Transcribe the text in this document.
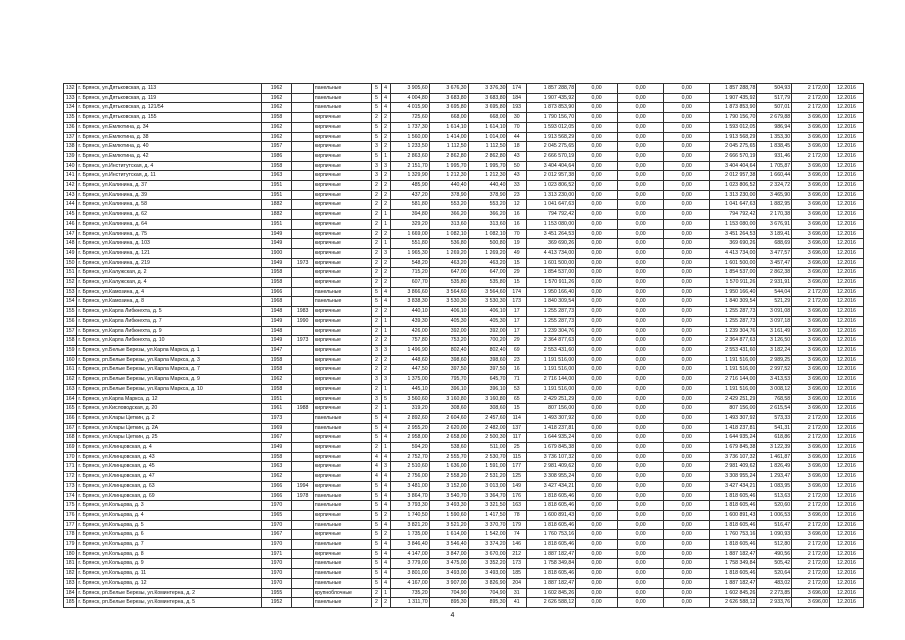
132	г. Брянск, ул.Дятьковская, д. 113	1962		панельные	5	4	3 905,60	3 676,30	3 376,30	174	1 857 288,78	0,00	0,00	0,00	1 857 288,78	504,93	2 172,00	12.2016
133	г. Брянск, ул.Дятьковская, д. 119	1962		панельные	5	4	4 004,80	3 683,80	3 683,80	184	1 907 435,92	0,00	0,00	0,00	1 907 435,92	517,79	2 172,00	12.2016
134	г. Брянск, ул.Дятьковская, д. 121/54	1962		панельные	5	4	4 015,90	3 695,80	3 695,80	193	1 873 853,90	0,00	0,00	0,00	1 873 853,90	507,01	2 172,00	12.2016
135	г. Брянск, ул.Дятьковская, д. 155	1958		кирпичные	2	2	725,60	668,00	668,00	30	1 790 156,70	0,00	0,00	0,00	1 790 156,70	2 679,88	3 696,00	12.2016
136	г. Брянск, ул.Емлютина, д. 34	1962		кирпичные	5	2	1 737,30	1 614,10	1 614,10	70	1 593 012,05	0,00	0,00	0,00	1 593 012,05	986,94	3 696,00	12.2016
137	г. Брянск, ул.Емлютина, д. 38	1962		кирпичные	5	2	1 560,00	1 414,00	1 014,00	44	1 913 568,29	0,00	0,00	0,00	1 913 568,29	1 353,30	3 696,00	12.2016
138	г. Брянск, ул.Емлютина, д. 40	1957		кирпичные	3	2	1 233,50	1 112,50	1 112,50	18	2 045 275,65	0,00	0,00	0,00	2 045 275,65	1 838,45	3 696,00	12.2016
139	г. Брянск, ул.Емлютина, д. 42	1986		кирпичные	5	1	2 863,60	2 862,80	2 862,80	43	2 666 570,19	0,00	0,00	0,00	2 666 570,19	931,46	2 172,00	12.2016
140	г. Брянск, ул.Институтская, д. 4	1958		кирпичные	3	3	2 151,70	1 995,70	1 995,70	50	3 404 404,64	0,00	0,00	0,00	3 404 404,64	1 705,87	3 696,00	12.2016
141	г. Брянск, ул.Институтская, д. 11	1963		кирпичные	3	2	1 329,90	1 212,30	1 212,30	43	2 012 957,38	0,00	0,00	0,00	2 012 957,38	1 660,44	3 696,00	12.2016
142	г. Брянск, ул.Калинина, д. 37	1951		кирпичные	2	2	485,90	440,40	440,40	33	1 023 806,52	0,00	0,00	0,00	1 023 806,52	2 324,72	3 696,00	12.2016
143	г. Брянск, ул.Калинина, д. 39	1951		кирпичные	2	2	437,20	378,90	378,90	23	1 313 230,00	0,00	0,00	0,00	1 313 230,00	3 465,90	3 696,00	12.2016
144	г. Брянск, ул.Калинина, д. 58	1882		кирпичные	2	2	581,80	553,20	553,20	12	1 041 647,63	0,00	0,00	0,00	1 041 647,63	1 882,95	3 696,00	12.2016
145	г. Брянск, ул.Калинина, д. 62	1882		кирпичные	2	1	394,80	366,20	366,20	16	794 792,42	0,00	0,00	0,00	794 792,42	2 170,38	3 696,00	12.2016
146	г. Брянск, ул.Калинина, д. 64	1951		кирпичные	2	1	329,20	313,60	313,60	16	1 153 080,00	0,00	0,00	0,00	1 153 080,00	3 676,91	3 696,00	12.2016
147	г. Брянск, ул.Калинина, д. 75	1949		кирпичные	2	2	1 669,00	1 082,10	1 082,10	70	3 451 264,53	0,00	0,00	0,00	3 451 264,53	3 189,41	3 696,00	12.2016
148	г. Брянск, ул.Калинина, д. 103	1949		кирпичные	2	1	551,80	536,80	500,80	19	369 690,26	0,00	0,00	0,00	369 690,26	688,69	3 696,00	12.2016
149	г. Брянск, ул.Калинина, д. 121	1900		кирпичные	2	3	1 965,30	1 269,20	1 269,20	49	4 413 734,00	0,00	0,00	0,00	4 413 734,00	3 477,57	3 696,00	12.2016
150	г. Брянск, ул.Калинина, д. 219	1949	1973	кирпичные	2	2	548,20	463,20	463,20	15	1 601 500,00	0,00	0,00	0,00	1 601 500,00	3 457,47	3 696,00	12.2016
151	г. Брянск, ул.Калужская, д. 2	1958		кирпичные	2	2	715,20	647,00	647,00	29	1 854 537,00	0,00	0,00	0,00	1 854 537,00	2 862,38	3 696,00	12.2016
152	г. Брянск, ул.Калужская, д. 4	1958		кирпичные	2	2	607,70	535,80	535,80	15	1 570 911,26	0,00	0,00	0,00	1 570 911,26	2 931,91	3 696,00	12.2016
153	г. Брянск, ул.Камозина, д. 4	1966		панельные	5	4	3 866,60	3 564,60	3 564,60	174	1 950 166,40	0,00	0,00	0,00	1 950 166,40	544,04	2 172,00	12.2016
154	г. Брянск, ул.Камозина, д. 8	1968		панельные	5	4	3 838,30	3 530,30	3 530,30	173	1 840 309,54	0,00	0,00	0,00	1 840 309,54	521,29	2 172,00	12.2016
155	г. Брянск, ул.Карла Либкнехта, д. 5	1948	1983	кирпичные	2	2	440,10	406,10	406,10	17	1 255 287,73	0,00	0,00	0,00	1 255 287,73	3 091,08	3 696,00	12.2016
156	г. Брянск, ул.Карла Либкнехта, д. 7	1949	1990	кирпичные	2	1	439,30	405,30	405,30	17	1 255 287,73	0,00	0,00	0,00	1 255 287,73	3 097,18	3 696,00	12.2016
157	г. Брянск, ул.Карла Либкнехта, д. 9	1948		кирпичные	2	1	426,00	392,00	392,00	17	1 239 304,76	0,00	0,00	0,00	1 239 304,76	3 161,49	3 696,00	12.2016
158	г. Брянск, ул.Карла Либкнехта, д. 10	1949	1973	кирпичные	2	2	757,80	753,20	700,20	29	2 364 877,63	0,00	0,00	0,00	2 364 877,63	3 126,50	3 696,00	12.2016
159	г. Брянск, ул.Белые Березы, ул.Карла Маркса, д. 1	1947		кирпичные	3	3	1 496,90	802,40	802,40	69	2 553 431,60	0,00	0,00	0,00	2 553 431,60	3 182,24	3 696,00	12.2016
160	г. Брянск, рп.Белые Березы, ул.Карла Маркса, д. 3	1958		кирпичные	2	2	448,60	398,60	398,60	23	1 191 516,00	0,00	0,00	0,00	1 191 516,00	2 989,25	3 696,00	12.2016
161	г. Брянск, рп.Белые Березы, ул.Карла Маркса, д. 7	1958		кирпичные	2	2	447,50	397,50	397,50	16	1 191 516,00	0,00	0,00	0,00	1 191 516,00	2 997,52	3 696,00	12.2016
162	г. Брянск, рп.Белые Березы, ул.Карла Маркса, д. 9	1962		кирпичные	3	3	1 375,00	795,70	645,70	71	2 716 144,00	0,00	0,00	0,00	2 716 144,00	3 413,53	3 696,00	12.2016
163	г. Брянск, рп.Белые Березы, ул.Карла Маркса, д. 10	1958		кирпичные	2	1	445,10	396,10	396,10	53	1 191 516,00	0,00	0,00	0,00	1 191 516,00	3 008,12	3 696,00	12.2016
164	г. Брянск, ул.Карла Маркса, д. 12	1951		кирпичные	3	5	3 560,60	3 160,80	3 160,80	65	2 429 251,29	0,00	0,00	0,00	2 429 251,29	768,58	3 696,00	12.2016
165	г. Брянск, ул.Кисловодская, д. 20	1961	1988	кирпичные	2	1	319,20	308,60	308,60	15	807 156,00	0,00	0,00	0,00	807 156,00	2 615,54	3 696,00	12.2016
166	г. Брянск, ул.Клары Цеткин, д. 2	1973		панельные	5	4	2 892,60	2 604,60	2 457,60	114	1 493 307,92	0,00	0,00	0,00	1 493 307,92	573,33	2 172,00	12.2016
167	г. Брянск, ул.Клары Цеткин, д. 2А	1969		панельные	5	4	2 955,20	2 620,00	2 482,00	137	1 418 237,81	0,00	0,00	0,00	1 418 237,81	541,31	2 172,00	12.2016
168	г. Брянск, ул.Клары Цеткин, д. 25	1967		кирпичные	5	4	2 958,00	2 658,00	2 500,30	117	1 644 935,24	0,00	0,00	0,00	1 644 935,24	618,86	2 172,00	12.2016
169	г. Брянск, ул.Клинцовская, д. 4	1949		кирпичные	2	1	594,20	538,60	511,00	25	1 679 845,38	0,00	0,00	0,00	1 679 845,38	3 122,39	3 696,00	12.2016
170	г. Брянск, ул.Клинцовская, д. 43	1958		кирпичные	4	4	2 752,70	2 555,70	2 530,70	115	3 736 107,32	0,00	0,00	0,00	3 736 107,32	1 461,87	3 696,00	12.2016
171	г. Брянск, ул.Клинцовская, д. 45	1963		кирпичные	4	3	2 510,60	1 636,00	1 591,00	177	2 981 409,62	0,00	0,00	0,00	2 981 409,62	1 826,49	3 696,00	12.2016
172	г. Брянск, ул.Клинцовская, д. 47	1962		кирпичные	4	4	2 756,00	2 558,20	2 531,20	125	3 308 955,24	0,00	0,00	0,00	3 308 955,24	1 293,47	3 696,00	12.2016
173	г. Брянск, ул.Клинцовская, д. 63	1966	1994	кирпичные	5	4	3 481,00	3 152,00	3 013,00	149	3 427 434,21	0,00	0,00	0,00	3 427 434,21	1 083,95	3 696,00	12.2016
174	г. Брянск, ул.Клинцовская, д. 69	1966	1978	панельные	5	4	3 864,70	3 540,70	3 364,70	176	1 818 605,46	0,00	0,00	0,00	1 818 605,46	513,63	2 172,00	12.2016
175	г. Брянск, ул.Кольцова, д. 3	1970		панельные	5	4	3 793,30	3 493,30	3 321,50	163	1 818 605,46	0,00	0,00	0,00	1 818 605,46	520,60	2 172,00	12.2016
176	г. Брянск, ул.Кольцова, д. 4	1965		кирпичные	5	2	1 740,50	1 590,60	1 417,50	78	1 600 891,43	0,00	0,00	0,00	1 600 891,43	1 006,53	3 696,00	12.2016
177	г. Брянск, ул.Кольцова, д. 5	1970		панельные	5	4	3 821,20	3 521,20	3 370,70	179	1 818 605,46	0,00	0,00	0,00	1 818 605,46	516,47	2 172,00	12.2016
178	г. Брянск, ул.Кольцова, д. 6	1967		кирпичные	5	2	1 735,00	1 614,00	1 542,00	74	1 760 753,16	0,00	0,00	0,00	1 760 753,16	1 090,93	3 696,00	12.2016
179	г. Брянск, ул.Кольцова, д. 7	1970		панельные	5	4	3 846,40	3 546,40	3 374,20	146	1 818 605,46	0,00	0,00	0,00	1 818 605,46	512,80	2 172,00	12.2016
180	г. Брянск, ул.Кольцова, д. 8	1971		кирпичные	5	4	4 147,00	3 847,00	3 670,00	212	1 887 182,47	0,00	0,00	0,00	1 887 182,47	490,56	2 172,00	12.2016
181	г. Брянск, ул.Кольцова, д. 9	1970		панельные	5	4	3 779,00	3 475,00	3 352,20	173	1 758 349,84	0,00	0,00	0,00	1 758 349,84	505,42	2 172,00	12.2016
182	г. Брянск, ул.Кольцова, д. 11	1970		панельные	5	4	3 801,00	3 493,00	3 493,00	185	1 818 605,46	0,00	0,00	0,00	1 818 605,46	520,64	2 172,00	12.2016
183	г. Брянск, ул.Кольцова, д. 12	1970		панельные	5	4	4 167,00	3 907,00	3 826,90	204	1 887 182,47	0,00	0,00	0,00	1 887 182,47	483,02	2 172,00	12.2016
184	г. Брянск, рп.Белые Березы, ул.Коминтерна, д. 2	1955		крупноблочные	2	1	735,20	704,90	704,90	31	1 602 845,26	0,00	0,00	0,00	1 602 845,26	2 273,85	3 696,00	12.2016
185	г. Брянск, рп.Белые Березы, ул.Коминтерна, д. 5	1952		панельные	2	2	1 311,70	895,30	895,30	41	2 626 588,12	0,00	0,00	0,00	2 626 588,12	2 933,76	3 696,00	12.2016
4
